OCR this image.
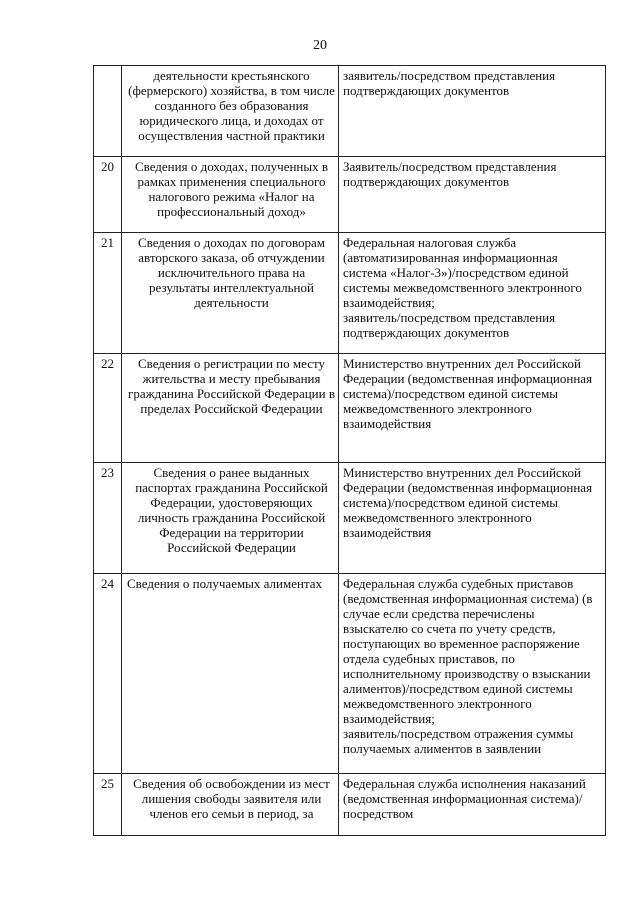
20

	деятельности крестьянского (фермерского) хозяйства, в том числе созданного без образования юридического лица, и доходах от осуществления частной практики	заявитель/посредством представления подтверждающих документов

20	Сведения о доходах, полученных в рамках применения специального налогового режима «Налог на профессиональный доход»	Заявитель/посредством представления подтверждающих документов

21	Сведения о доходах по договорам авторского заказа, об отчуждении исключительного права на результаты интеллектуальной деятельности	Федеральная налоговая служба (автоматизированная информационная система «Налог-3»)/посредством единой системы межведомственного электронного взаимодействия;
заявитель/посредством представления подтверждающих документов

22	Сведения о регистрации по месту жительства и месту пребывания гражданина Российской Федерации в пределах Российской Федерации	Министерство внутренних дел Российской Федерации (ведомственная информационная система)/посредством единой системы межведомственного электронного взаимодействия

23	Сведения о ранее выданных паспортах гражданина Российской Федерации, удостоверяющих личность гражданина Российской Федерации на территории Российской Федерации	Министерство внутренних дел Российской Федерации (ведомственная информационная система)/посредством единой системы межведомственного электронного взаимодействия

24	Сведения о получаемых алиментах	Федеральная служба судебных приставов (ведомственная информационная система) (в случае если средства перечислены взыскателю со счета по учету средств, поступающих во временное распоряжение отдела судебных приставов, по исполнительному производству о взыскании алиментов)/посредством единой системы межведомственного электронного взаимодействия;
заявитель/посредством отражения суммы получаемых алиментов в заявлении

25	Сведения об освобождении из мест лишения свободы заявителя или членов его семьи в период, за	Федеральная служба исполнения наказаний (ведомственная информационная система)/посредством
